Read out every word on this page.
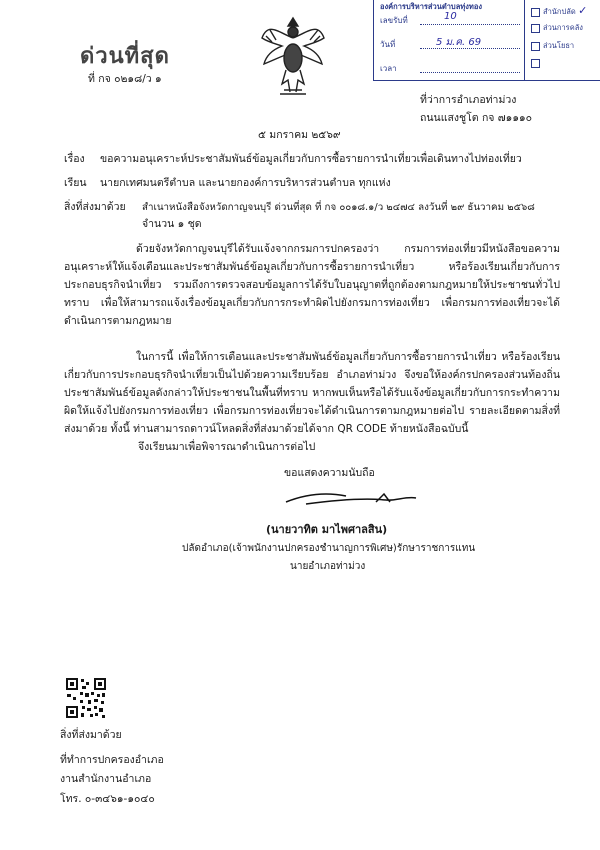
ด่วนที่สุด
ที่ กจ ๐๒๑๘/ว ๑
องค์การบริหารส่วนตำบลทุ่งทอง
เลขรับที่	10
วันที่	5 ม.ค. 69
เวลา
สำนักปลัด ✓
ส่วนการคลัง
ส่วนโยธา
ที่ว่าการอำเภอท่าม่วง
ถนนแสงชูโต กจ ๗๑๑๑๐
๕ มกราคม ๒๕๖๙
เรื่อง ขอความอนุเคราะห์ประชาสัมพันธ์ข้อมูลเกี่ยวกับการซื้อรายการนำเที่ยวเพื่อเดินทางไปท่องเที่ยว
เรียน นายกเทศมนตรีตำบล และนายกองค์การบริหารส่วนตำบล ทุกแห่ง
สิ่งที่ส่งมาด้วย สำเนาหนังสือจังหวัดกาญจนบุรี ด่วนที่สุด ที่ กจ ๐๐๑๘.๑/ว ๒๔๗๔ ลงวันที่ ๒๙ ธันวาคม ๒๕๖๘
จำนวน ๑ ชุด
ด้วยจังหวัดกาญจนบุรีได้รับแจ้งจากกรมการปกครองว่า กรมการท่องเที่ยวมีหนังสือขอความอนุเคราะห์ให้แจ้งเตือนและประชาสัมพันธ์ข้อมูลเกี่ยวกับการซื้อรายการนำเที่ยว หรือร้องเรียนเกี่ยวกับการประกอบธุรกิจนำเที่ยว รวมถึงการตรวจสอบข้อมูลการได้รับใบอนุญาตที่ถูกต้องตามกฎหมายให้ประชาชนทั่วไปทราบ เพื่อให้สามารถแจ้งเรื่องข้อมูลเกี่ยวกับการกระทำผิดไปยังกรมการท่องเที่ยว เพื่อกรมการท่องเที่ยวจะได้ดำเนินการตามกฎหมาย
ในการนี้ เพื่อให้การเตือนและประชาสัมพันธ์ข้อมูลเกี่ยวกับการซื้อรายการนำเที่ยว หรือร้องเรียนเกี่ยวกับการประกอบธุรกิจนำเที่ยวเป็นไปด้วยความเรียบร้อย อำเภอท่าม่วง จึงขอให้องค์กรปกครองส่วนท้องถิ่นประชาสัมพันธ์ข้อมูลดังกล่าวให้ประชาชนในพื้นที่ทราบ หากพบเห็นหรือได้รับแจ้งข้อมูลเกี่ยวกับการกระทำความผิดให้แจ้งไปยังกรมการท่องเที่ยว เพื่อกรมการท่องเที่ยวจะได้ดำเนินการตามกฎหมายต่อไป รายละเอียดตามสิ่งที่ส่งมาด้วย ทั้งนี้ ท่านสามารถดาวน์โหลดสิ่งที่ส่งมาด้วยได้จาก QR CODE ท้ายหนังสือฉบับนี้
จึงเรียนมาเพื่อพิจารณาดำเนินการต่อไป
ขอแสดงความนับถือ
(นายวาทิต มาไพศาลสิน)
ปลัดอำเภอ(เจ้าพนักงานปกครองชำนาญการพิเศษ)รักษาราชการแทน
นายอำเภอท่าม่วง
สิ่งที่ส่งมาด้วย
ที่ทำการปกครองอำเภอ
งานสำนักงานอำเภอ
โทร. ๐-๓๔๖๑-๑๐๔๐
